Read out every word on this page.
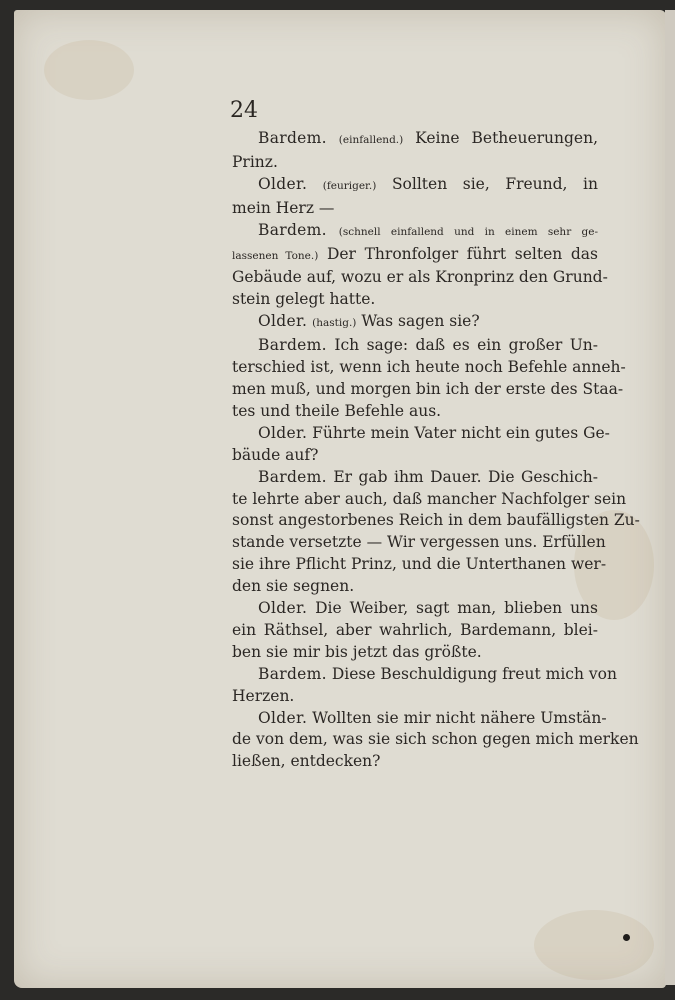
24
Bardem. (einfallend.) Keine Betheuerungen,
Prinz.
Older. (feuriger.) Sollten sie, Freund, in
mein Herz —
Bardem. (schnell einfallend und in einem sehr ge-
lassenen Tone.) Der Thronfolger führt selten das
Gebäude auf, wozu er als Kronprinz den Grund-
stein gelegt hatte.
Older. (hastig.) Was sagen sie?
Bardem. Ich sage: daß es ein großer Un-
terschied ist, wenn ich heute noch Befehle anneh-
men muß, und morgen bin ich der erste des Staa-
tes und theile Befehle aus.
Older. Führte mein Vater nicht ein gutes Ge-
bäude auf?
Bardem. Er gab ihm Dauer. Die Geschich-
te lehrte aber auch, daß mancher Nachfolger sein
sonst angestorbenes Reich in dem baufälligsten Zu-
stande versetzte — Wir vergessen uns. Erfüllen
sie ihre Pflicht Prinz, und die Unterthanen wer-
den sie segnen.
Older. Die Weiber, sagt man, blieben uns
ein Räthsel, aber wahrlich, Bardemann, blei-
ben sie mir bis jetzt das größte.
Bardem. Diese Beschuldigung freut mich von
Herzen.
Older. Wollten sie mir nicht nähere Umstän-
de von dem, was sie sich schon gegen mich merken
ließen, entdecken?
